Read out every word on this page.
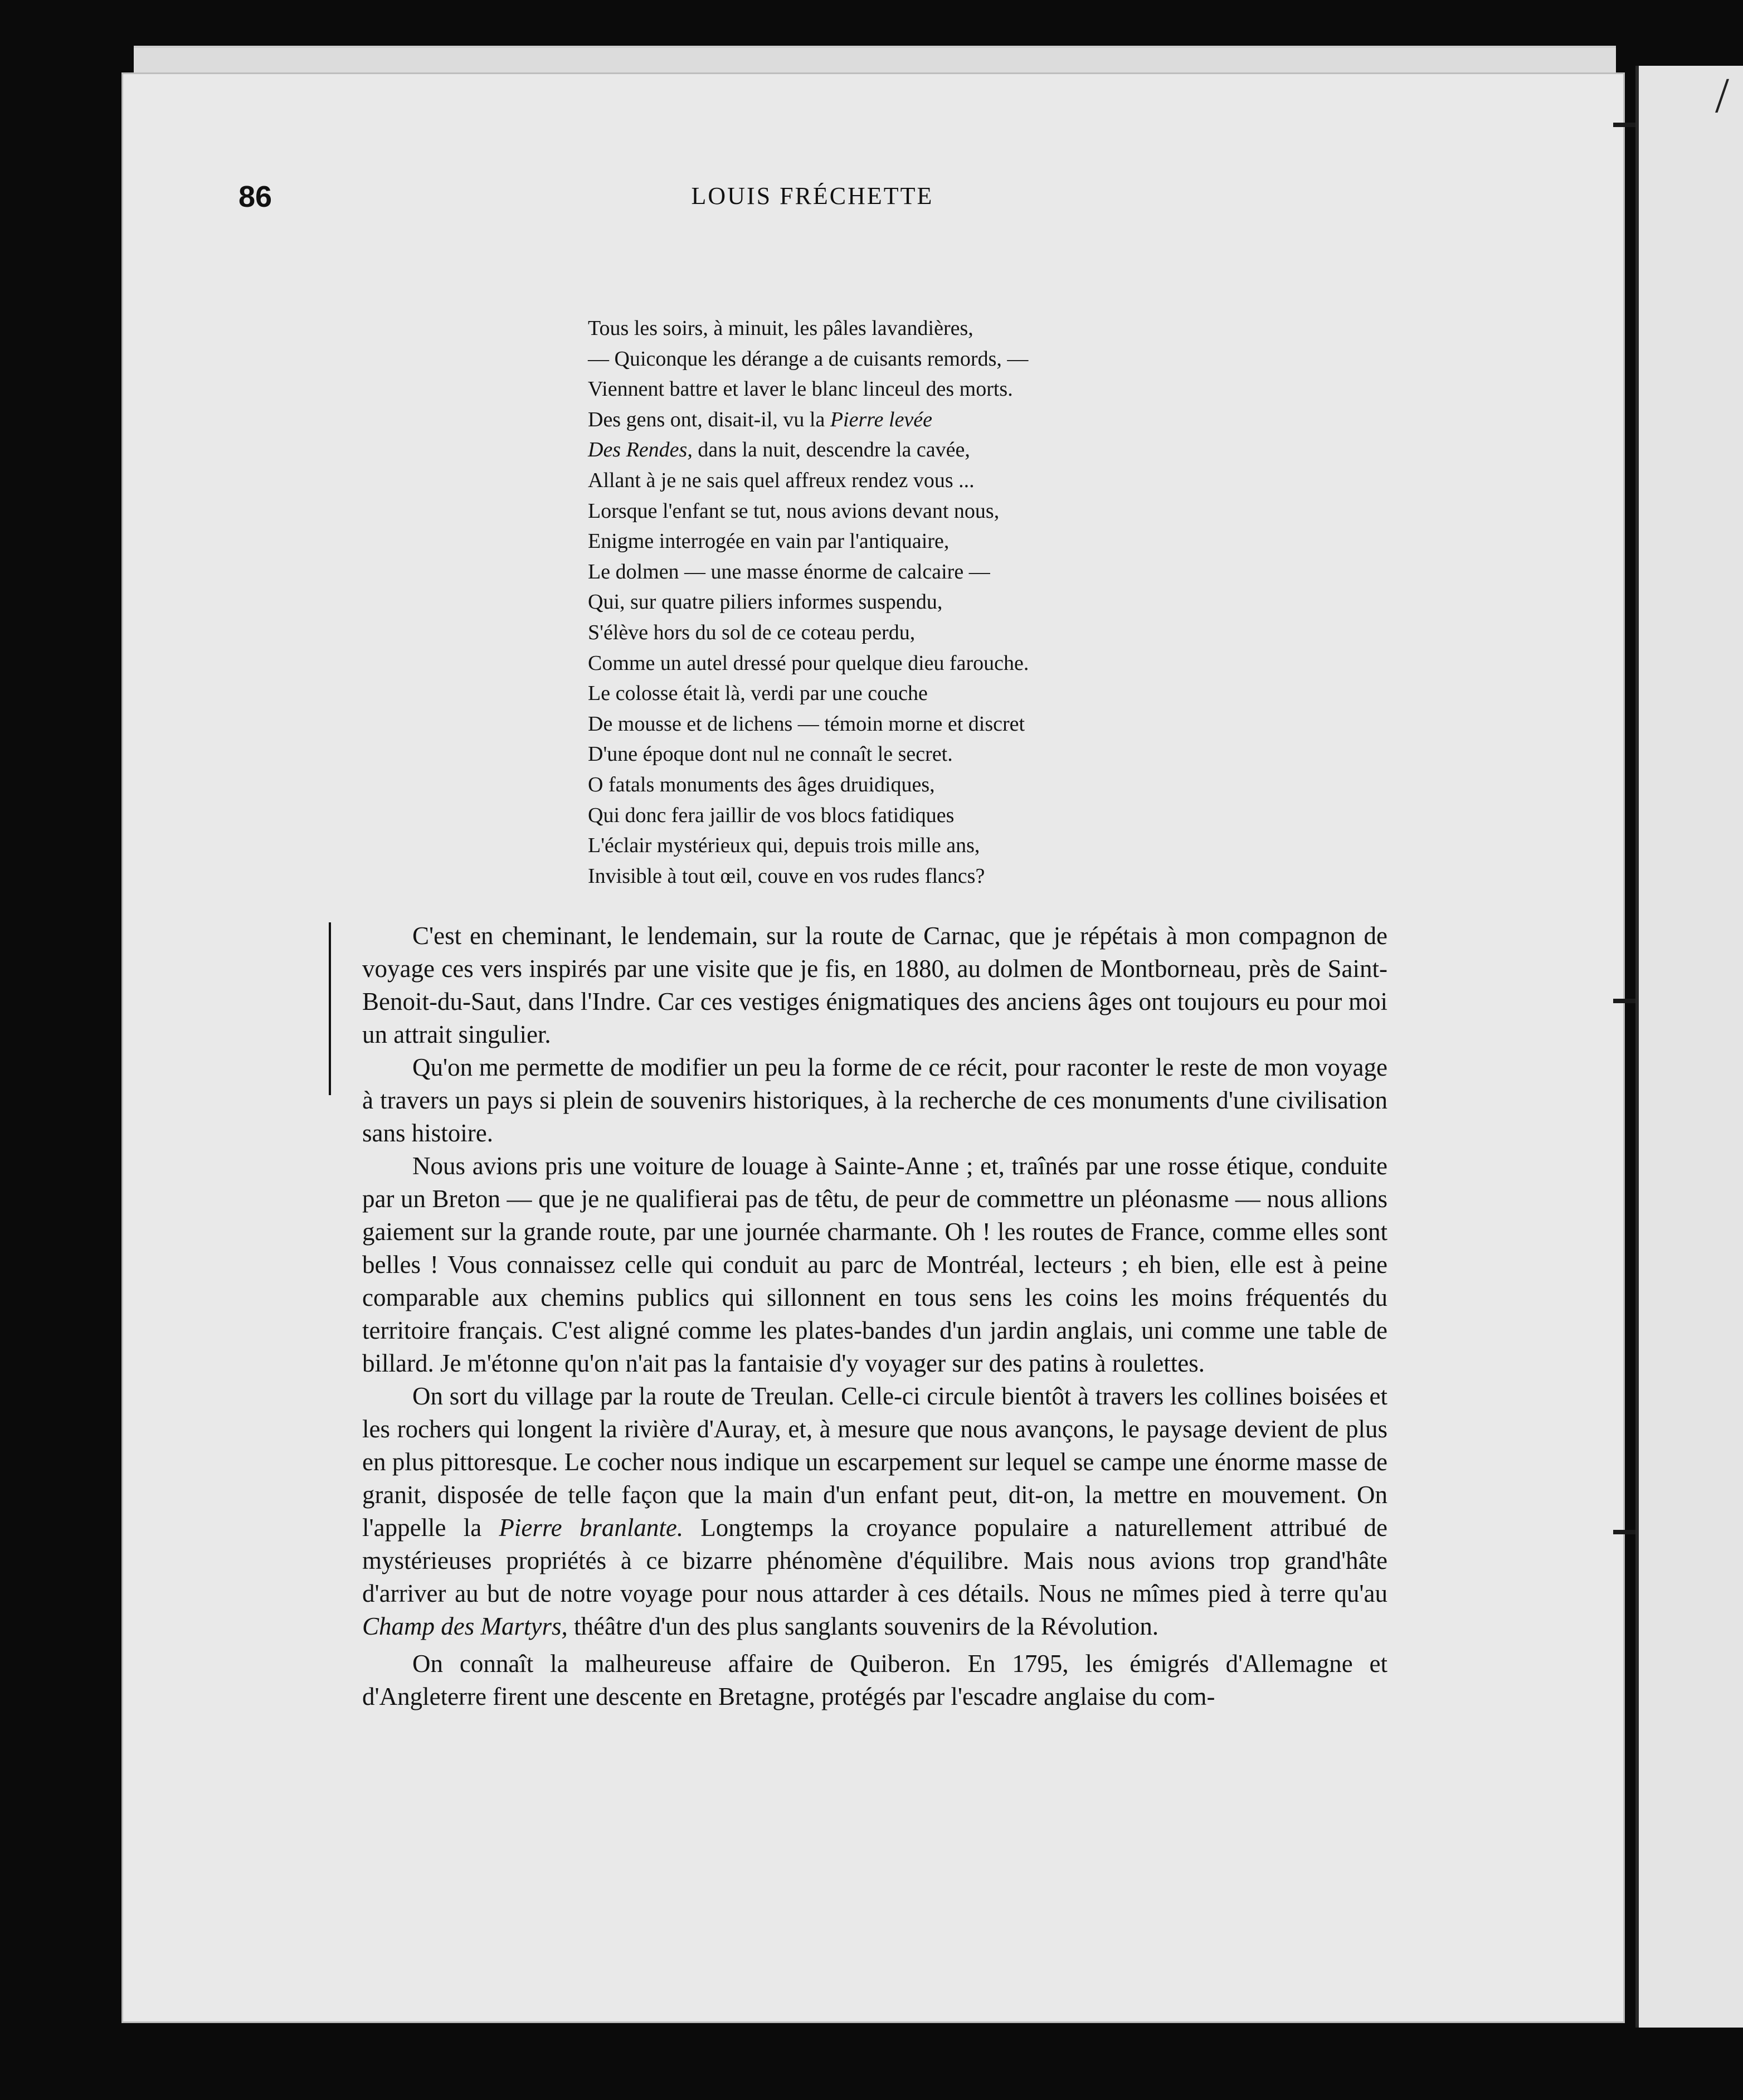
/
86	LOUIS FRÉCHETTE
Tous les soirs, à minuit, les pâles lavandières,
— Quiconque les dérange a de cuisants remords, —
Viennent battre et laver le blanc linceul des morts.
Des gens ont, disait-il, vu la Pierre levée
Des Rendes, dans la nuit, descendre la cavée,
Allant à je ne sais quel affreux rendez vous ...
Lorsque l'enfant se tut, nous avions devant nous,
Enigme interrogée en vain par l'antiquaire,
Le dolmen — une masse énorme de calcaire —
Qui, sur quatre piliers informes suspendu,
S'élève hors du sol de ce coteau perdu,
Comme un autel dressé pour quelque dieu farouche.
Le colosse était là, verdi par une couche
De mousse et de lichens — témoin morne et discret
D'une époque dont nul ne connaît le secret.
O fatals monuments des âges druidiques,
Qui donc fera jaillir de vos blocs fatidiques
L'éclair mystérieux qui, depuis trois mille ans,
Invisible à tout œil, couve en vos rudes flancs?

C'est en cheminant, le lendemain, sur la route de Carnac, que je répétais à mon compagnon de voyage ces vers inspirés par une visite que je fis, en 1880, au dolmen de Montborneau, près de Saint-Benoit-du-Saut, dans l'Indre. Car ces vestiges énigmatiques des anciens âges ont toujours eu pour moi un attrait singulier.

Qu'on me permette de modifier un peu la forme de ce récit, pour raconter le reste de mon voyage à travers un pays si plein de souvenirs historiques, à la recherche de ces monuments d'une civilisation sans histoire.

Nous avions pris une voiture de louage à Sainte-Anne ; et, traînés par une rosse étique, conduite par un Breton — que je ne qualifierai pas de têtu, de peur de commettre un pléonasme — nous allions gaiement sur la grande route, par une journée charmante. Oh ! les routes de France, comme elles sont belles ! Vous connaissez celle qui conduit au parc de Montréal, lecteurs ; eh bien, elle est à peine comparable aux chemins publics qui sillonnent en tous sens les coins les moins fréquentés du territoire français. C'est aligné comme les plates-bandes d'un jardin anglais, uni comme une table de billard. Je m'étonne qu'on n'ait pas la fantaisie d'y voyager sur des patins à roulettes.

On sort du village par la route de Treulan. Celle-ci circule bientôt à travers les collines boisées et les rochers qui longent la rivière d'Auray, et, à mesure que nous avançons, le paysage devient de plus en plus pittoresque. Le cocher nous indique un escarpement sur lequel se campe une énorme masse de granit, disposée de telle façon que la main d'un enfant peut, dit-on, la mettre en mouvement. On l'appelle la Pierre branlante. Longtemps la croyance populaire a naturellement attribué de mystérieuses propriétés à ce bizarre phénomène d'équilibre. Mais nous avions trop grand'hâte d'arriver au but de notre voyage pour nous attarder à ces détails. Nous ne mîmes pied à terre qu'au Champ des Martyrs, théâtre d'un des plus sanglants souvenirs de la Révolution.

On connaît la malheureuse affaire de Quiberon. En 1795, les émigrés d'Allemagne et d'Angleterre firent une descente en Bretagne, protégés par l'escadre anglaise du com-
